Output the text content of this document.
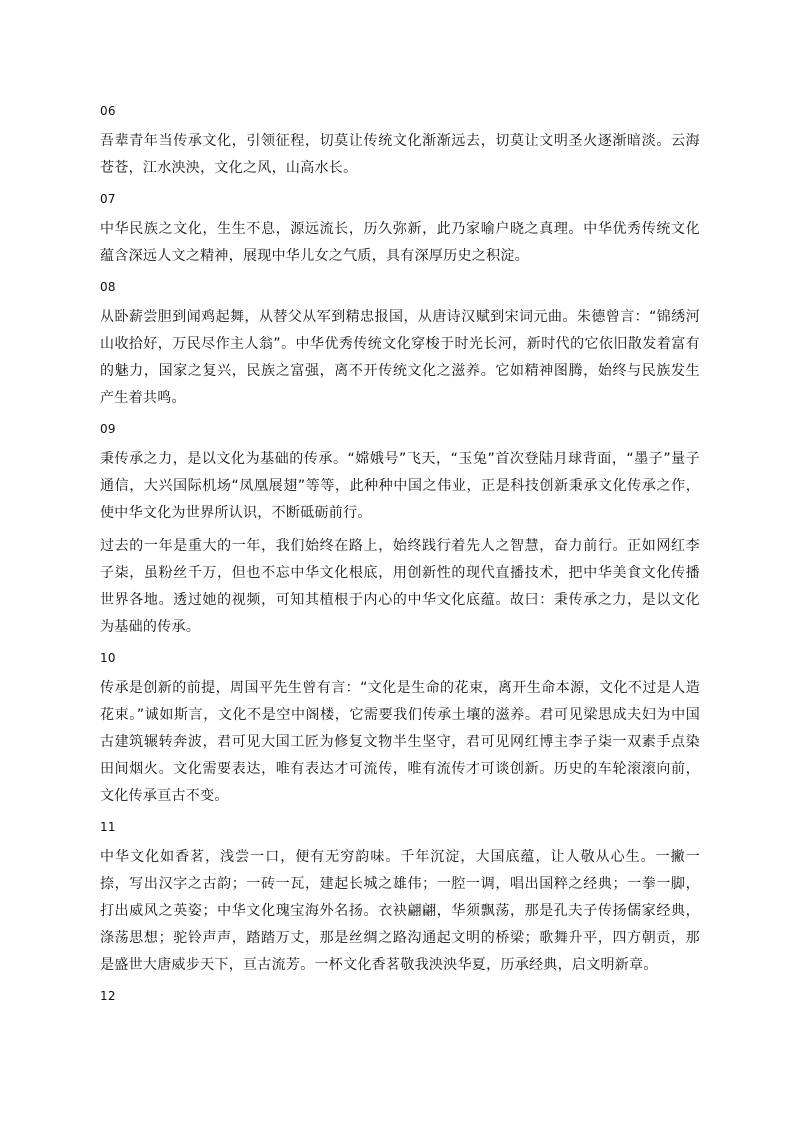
06

吾辈青年当传承文化，引领征程，切莫让传统文化渐渐远去，切莫让文明圣火逐渐暗淡。云海苍苍，江水泱泱，文化之风，山高水长。

07

中华民族之文化，生生不息，源远流长，历久弥新，此乃家喻户晓之真理。中华优秀传统文化蕴含深远人文之精神，展现中华儿女之气质，具有深厚历史之积淀。

08

从卧薪尝胆到闻鸡起舞，从替父从军到精忠报国，从唐诗汉赋到宋词元曲。朱德曾言：“锦绣河山收拾好，万民尽作主人翁”。中华优秀传统文化穿梭于时光长河，新时代的它依旧散发着富有的魅力，国家之复兴，民族之富强，离不开传统文化之滋养。它如精神图腾，始终与民族发生产生着共鸣。

09

秉传承之力，是以文化为基础的传承。“嫦娥号”飞天，“玉兔”首次登陆月球背面，“墨子”量子通信，大兴国际机场“凤凰展翅”等等，此种种中国之伟业，正是科技创新秉承文化传承之作，使中华文化为世界所认识，不断砥砺前行。

过去的一年是重大的一年，我们始终在路上，始终践行着先人之智慧，奋力前行。正如网红李子柒，虽粉丝千万，但也不忘中华文化根底，用创新性的现代直播技术，把中华美食文化传播世界各地。透过她的视频，可知其植根于内心的中华文化底蕴。故曰：秉传承之力，是以文化为基础的传承。

10

传承是创新的前提，周国平先生曾有言：“文化是生命的花束，离开生命本源，文化不过是人造花束。”诚如斯言，文化不是空中阁楼，它需要我们传承土壤的滋养。君可见梁思成夫妇为中国古建筑辗转奔波，君可见大国工匠为修复文物半生坚守，君可见网红博主李子柒一双素手点染田间烟火。文化需要表达，唯有表达才可流传，唯有流传才可谈创新。历史的车轮滚滚向前，文化传承亘古不变。

11

中华文化如香茗，浅尝一口，便有无穷韵味。千年沉淀，大国底蕴，让人敬从心生。一撇一捺，写出汉字之古韵；一砖一瓦，建起长城之雄伟；一腔一调，唱出国粹之经典；一拳一脚，打出威风之英姿；中华文化瑰宝海外名扬。衣袂翩翩，华须飘荡，那是孔夫子传扬儒家经典，涤荡思想；驼铃声声，踏踏万丈，那是丝绸之路沟通起文明的桥梁；歌舞升平，四方朝贡，那是盛世大唐威步天下，亘古流芳。一杯文化香茗敬我泱泱华夏，历承经典，启文明新章。

12
